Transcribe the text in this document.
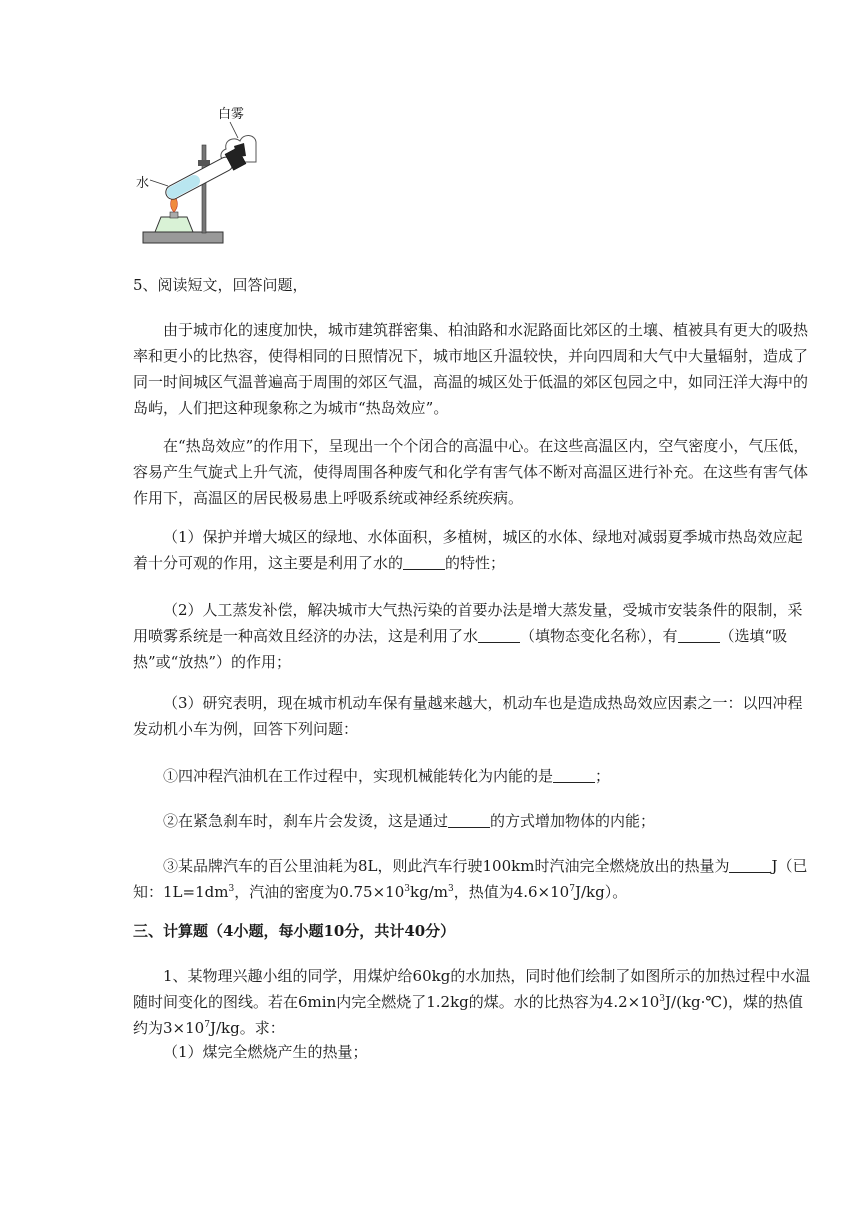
白雾
水

5、阅读短文，回答问题，

由于城市化的速度加快，城市建筑群密集、柏油路和水泥路面比郊区的土壤、植被具有更大的吸热率和更小的比热容，使得相同的日照情况下，城市地区升温较快，并向四周和大气中大量辐射，造成了同一时间城区气温普遍高于周围的郊区气温，高温的城区处于低温的郊区包园之中，如同汪洋大海中的岛屿，人们把这种现象称之为城市“热岛效应”。

在“热岛效应”的作用下，呈现出一个个闭合的高温中心。在这些高温区内，空气密度小，气压低，容易产生气旋式上升气流，使得周围各种废气和化学有害气体不断对高温区进行补充。在这些有害气体作用下，高温区的居民极易患上呼吸系统或神经系统疾病。

（1）保护并增大城区的绿地、水体面积，多植树，城区的水体、绿地对减弱夏季城市热岛效应起着十分可观的作用，这主要是利用了水的	的特性；

（2）人工蒸发补偿，解决城市大气热污染的首要办法是增大蒸发量，受城市安装条件的限制，采用喷雾系统是一种高效且经济的办法，这是利用了水	（填物态变化名称），有	（选填“吸热”或“放热”）的作用；

（3）研究表明，现在城市机动车保有量越来越大，机动车也是造成热岛效应因素之一：以四冲程发动机小车为例，回答下列问题：

①四冲程汽油机在工作过程中，实现机械能转化为内能的是	；

②在紧急刹车时，刹车片会发烫，这是通过	的方式增加物体的内能；

③某品牌汽车的百公里油耗为8L，则此汽车行驶100km时汽油完全燃烧放出的热量为	J（已知：$1L=1dm^3$，汽油的密度为$0.75\times 10^3kg/m^3$，热值为$4.6\times 10^7J/kg$）。

三、计算题（4小题，每小题10分，共计40分）

1、某物理兴趣小组的同学，用煤炉给60kg的水加热，同时他们绘制了如图所示的加热过程中水温随时间变化的图线。若在6min内完全燃烧了1.2kg的煤。水的比热容为$4.2\times 10^3J/(kg\cdot℃)$，煤的热值约为$3\times 10^7J/kg$。求：

（1）煤完全燃烧产生的热量；
